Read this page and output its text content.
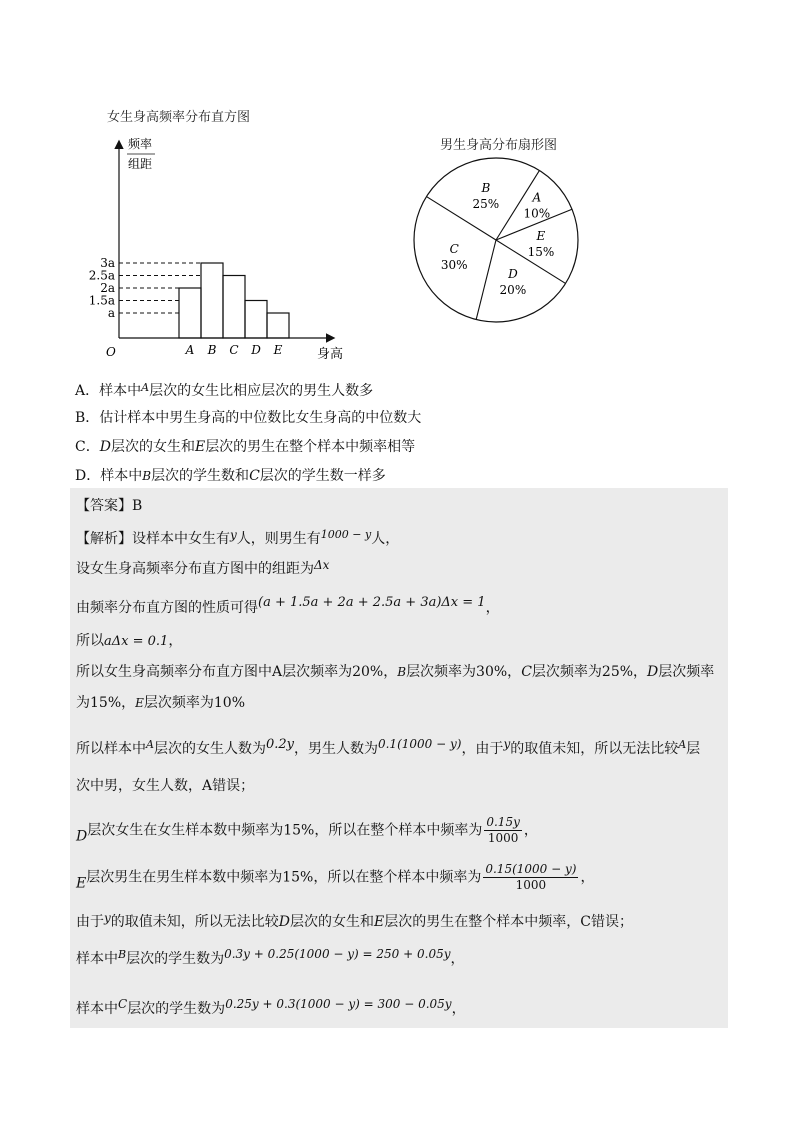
女生身高频率分布直方图
频率
组距
O	身高
A B C D E
3a
2.5a
2a
1.5a
a
男生身高分布扇形图
A
10%
E
15%
D
20%
C
30%
B
25%
A．样本中$^A$层次的女生比相应层次的男生人数多
B．估计样本中男生身高的中位数比女生身高的中位数大
C．D层次的女生和E层次的男生在整个样本中频率相等
D．样本中B层次的学生数和C层次的学生数一样多
【答案】B
【解析】设样本中女生有y人，则男生有$^{1000 - y}$人，
设女生身高频率分布直方图中的组距为Δx
由频率分布直方图的性质可得(a + 1.5a + 2a + 2.5a + 3a)Δx = 1，
所以aΔx = 0.1，
所以女生身高频率分布直方图中A层次频率为20%，B层次频率为30%，C层次频率为25%，D层次频率
为15%，E层次频率为10%
所以样本中$^A$层次的女生人数为0.2y，男生人数为0.1(1000 − y)，由于y的取值未知，所以无法比较$^A$层
次中男，女生人数，A错误；
D层次女生在女生样本数中频率为15%，所以在整个样本中频率为 $\frac{0.15y}{1000}$ ，
E层次男生在男生样本数中频率为15%，所以在整个样本中频率为 $\frac{0.15(1000 - y)}{1000}$ ，
由于y的取值未知，所以无法比较D层次的女生和E层次的男生在整个样本中频率，C错误；
样本中$^B$层次的学生数为0.3y + 0.25(1000 − y) = 250 + 0.05y，
样本中C层次的学生数为0.25y + 0.3(1000 − y) = 300 − 0.05y，
